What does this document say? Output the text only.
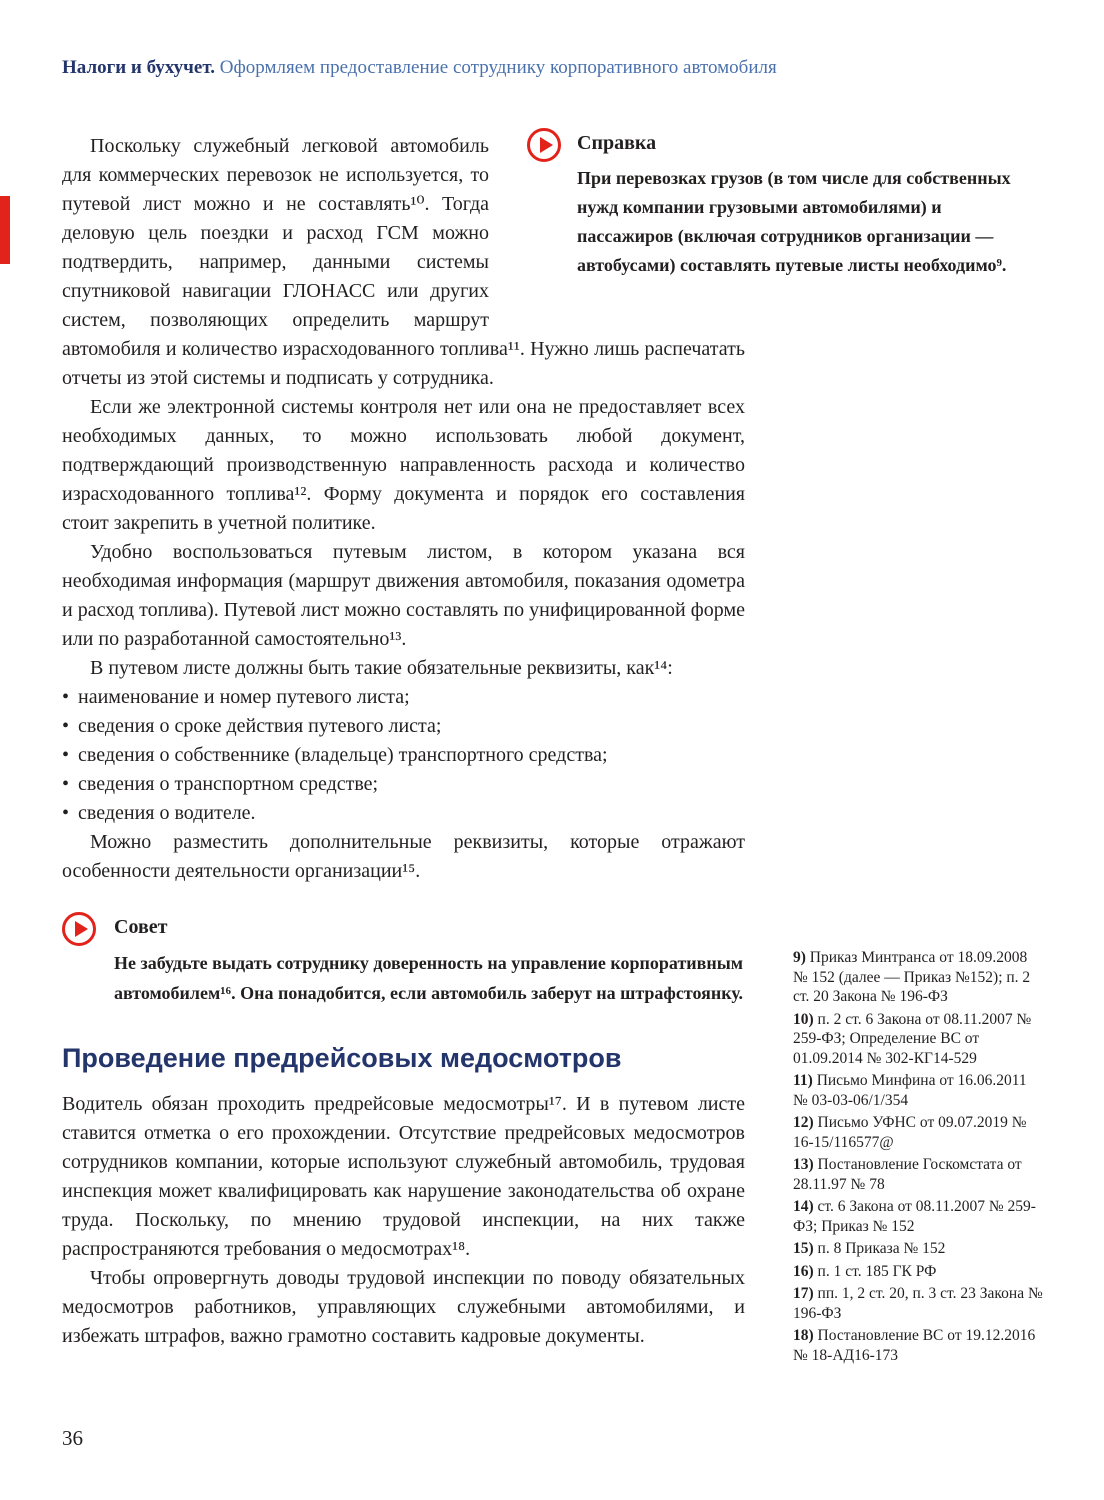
Налоги и бухучет. Оформляем предоставление сотруднику корпоративного автомобиля
Справка

При перевозках грузов (в том числе для собственных нужд компании грузовыми автомобилями) и пассажиров (включая сотрудников организации — автобусами) составлять путевые листы необходимо⁹.

Поскольку служебный легковой автомобиль для коммерческих перевозок не используется, то путевой лист можно и не составлять¹⁰. Тогда деловую цель поездки и расход ГСМ можно подтвердить, например, данными системы спутниковой навигации ГЛОНАСС или других систем, позволяющих определить маршрут автомобиля и количество израсходованного топлива¹¹. Нужно лишь распечатать отчеты из этой системы и подписать у сотрудника.

Если же электронной системы контроля нет или она не предоставляет всех необходимых данных, то можно использовать любой документ, подтверждающий производственную направленность расхода и количество израсходованного топлива¹². Форму документа и порядок его составления стоит закрепить в учетной политике.

Удобно воспользоваться путевым листом, в котором указана вся необходимая информация (маршрут движения автомобиля, показания одометра и расход топлива). Путевой лист можно составлять по унифицированной форме или по разработанной самостоятельно¹³.

В путевом листе должны быть такие обязательные реквизиты, как¹⁴:

• наименование и номер путевого листа;
• сведения о сроке действия путевого листа;
• сведения о собственнике (владельце) транспортного средства;
• сведения о транспортном средстве;
• сведения о водителе.

Можно разместить дополнительные реквизиты, которые отражают особенности деятельности организации¹⁵.

Совет

Не забудьте выдать сотруднику доверенность на управление корпоративным автомобилем¹⁶. Она понадобится, если автомобиль заберут на штрафстоянку.

Проведение предрейсовых медосмотров

Водитель обязан проходить предрейсовые медосмотры¹⁷. И в путевом листе ставится отметка о его прохождении. Отсутствие предрейсовых медосмотров сотрудников компании, которые используют служебный автомобиль, трудовая инспекция может квалифицировать как нарушение законодательства об охране труда. Поскольку, по мнению трудовой инспекции, на них также распространяются требования о медосмотрах¹⁸.

Чтобы опровергнуть доводы трудовой инспекции по поводу обязательных медосмотров работников, управляющих служебными автомобилями, и избежать штрафов, важно грамотно составить кадровые документы.

9) Приказ Минтранса от 18.09.2008 № 152 (далее — Приказ №152); п. 2 ст. 20 Закона № 196-ФЗ
10) п. 2 ст. 6 Закона от 08.11.2007 № 259-ФЗ; Определение ВС от 01.09.2014 № 302-КГ14-529
11) Письмо Минфина от 16.06.2011 № 03-03-06/1/354
12) Письмо УФНС от 09.07.2019 № 16-15/116577@
13) Постановление Госкомстата от 28.11.97 № 78
14) ст. 6 Закона от 08.11.2007 № 259-ФЗ; Приказ № 152
15) п. 8 Приказа № 152
16) п. 1 ст. 185 ГК РФ
17) пп. 1, 2 ст. 20, п. 3 ст. 23 Закона № 196-ФЗ
18) Постановление ВС от 19.12.2016 № 18-АД16-173
36
